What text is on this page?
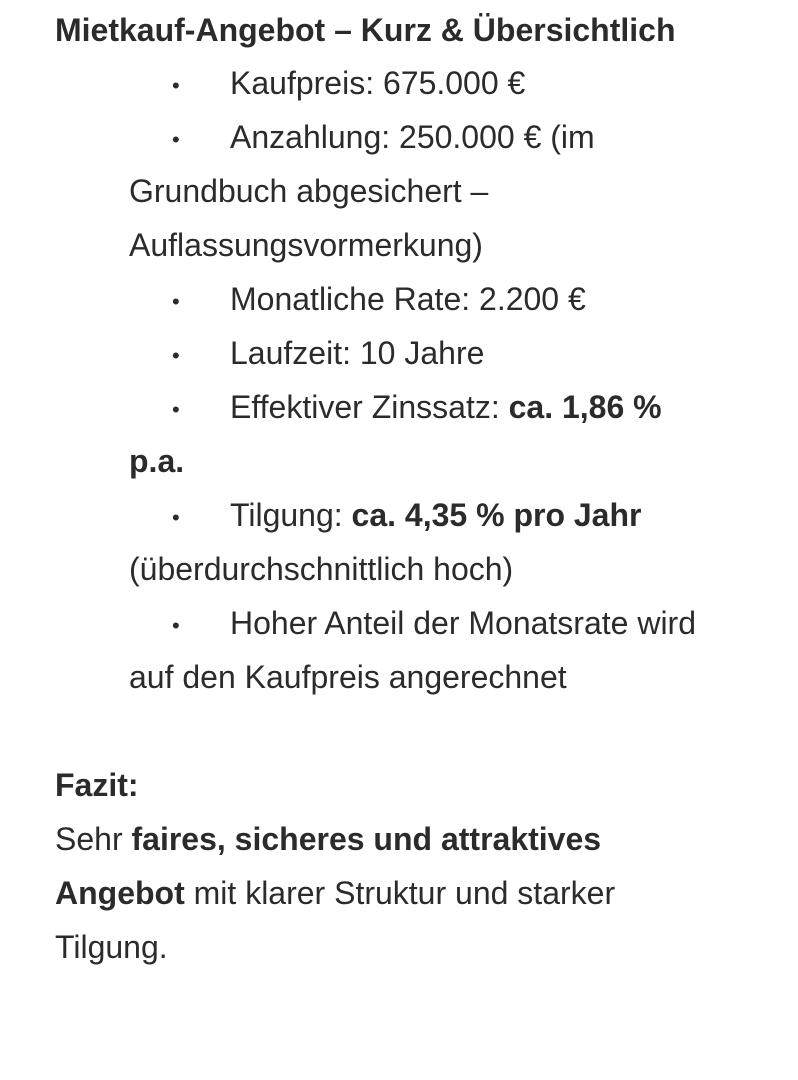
Mietkauf-Angebot – Kurz & Übersichtlich
• Kaufpreis: 675.000 €
• Anzahlung: 250.000 € (im
Grundbuch abgesichert –
Auflassungsvormerkung)
• Monatliche Rate: 2.200 €
• Laufzeit: 10 Jahre
• Effektiver Zinssatz: ca. 1,86 %
p.a.
• Tilgung: ca. 4,35 % pro Jahr
(überdurchschnittlich hoch)
• Hoher Anteil der Monatsrate wird
auf den Kaufpreis angerechnet
Fazit:
Sehr faires, sicheres und attraktives
Angebot mit klarer Struktur und starker
Tilgung.
